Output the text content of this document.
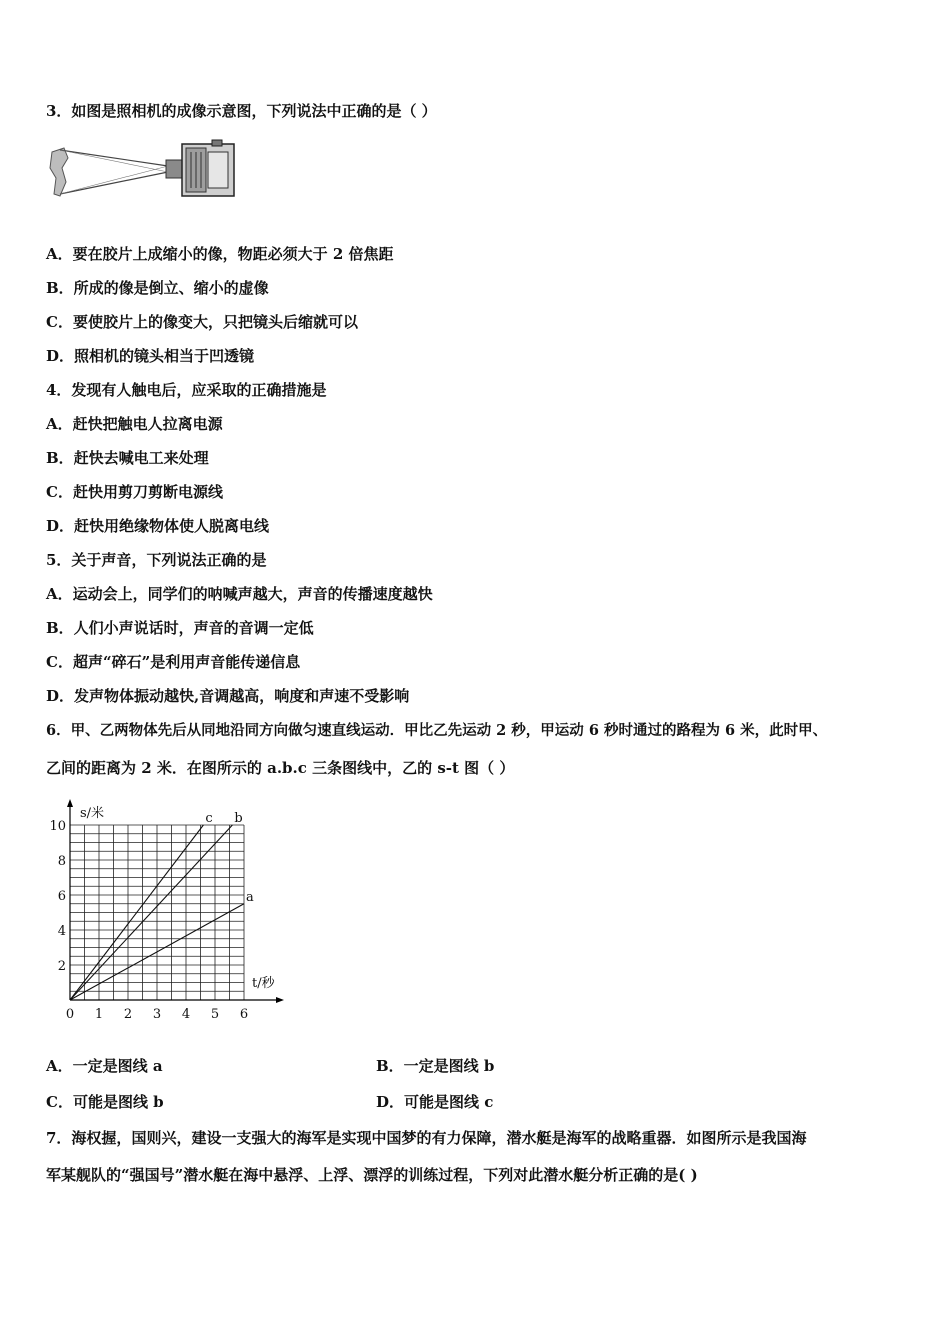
3．如图是照相机的成像示意图，下列说法中正确的是（ ）
A．要在胶片上成缩小的像，物距必须大于 2 倍焦距
B．所成的像是倒立、缩小的虚像
C．要使胶片上的像变大，只把镜头后缩就可以
D．照相机的镜头相当于凹透镜
4．发现有人触电后，应采取的正确措施是
A．赶快把触电人拉离电源
B．赶快去喊电工来处理
C．赶快用剪刀剪断电源线
D．赶快用绝缘物体使人脱离电线
5．关于声音，下列说法正确的是
A．运动会上，同学们的呐喊声越大，声音的传播速度越快
B．人们小声说话时，声音的音调一定低
C．超声“碎石”是利用声音能传递信息
D．发声物体振动越快,音调越高，响度和声速不受影响
6．甲、乙两物体先后从同地沿同方向做匀速直线运动．甲比乙先运动 2 秒，甲运动 6 秒时通过的路程为 6 米，此时甲、
乙间的距离为 2 米．在图所示的 a.b.c 三条图线中，乙的 s-t 图（ ）
0 1 2 3 4 5 6
2
4
6
8
10
s/米
t/秒
a
b
c
A．一定是图线 a	B．一定是图线 b
C．可能是图线 b	D．可能是图线 c
7．海权握，国则兴，建设一支强大的海军是实现中国梦的有力保障，潜水艇是海军的战略重器．如图所示是我国海
军某舰队的“强国号”潜水艇在海中悬浮、上浮、漂浮的训练过程，下列对此潜水艇分析正确的是( )
